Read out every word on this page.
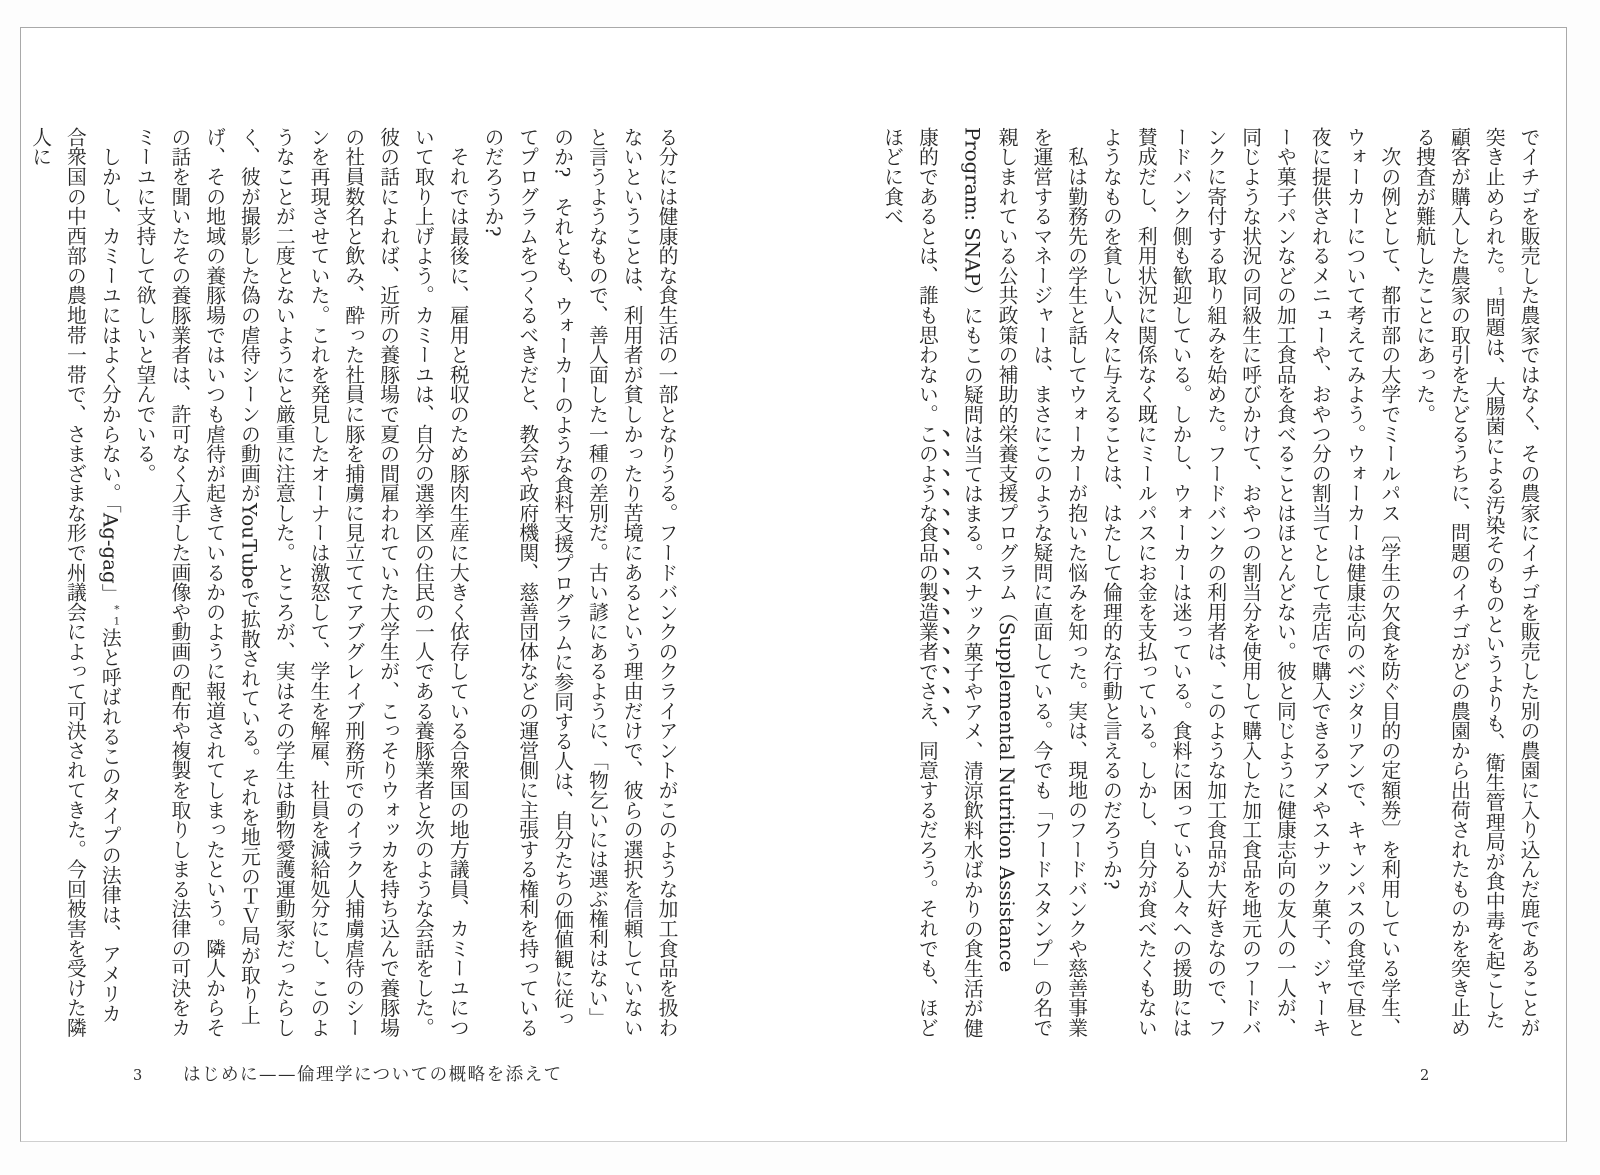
でイチゴを販売した農家ではなく、その農家にイチゴを販売した別の農園に入り込んだ鹿であることが突き止められた。$^1$問題は、大腸菌による汚染そのものというよりも、衛生管理局が食中毒を起こした顧客が購入した農家の取引をたどるうちに、問題のイチゴがどの農園から出荷されたものかを突き止める捜査が難航したことにあった。

　次の例として、都市部の大学でミールパス〔学生の欠食を防ぐ目的の定額券〕を利用している学生、ウォーカーについて考えてみよう。ウォーカーは健康志向のベジタリアンで、キャンパスの食堂で昼と夜に提供されるメニューや、おやつ分の割当てとして売店で購入できるアメやスナック菓子、ジャーキーや菓子パンなどの加工食品を食べることはほとんどない。彼と同じように健康志向の友人の一人が、同じような状況の同級生に呼びかけて、おやつの割当分を使用して購入した加工食品を地元のフードバンクに寄付する取り組みを始めた。フードバンクの利用者は、このような加工食品が大好きなので、フードバンク側も歓迎している。しかし、ウォーカーは迷っている。食料に困っている人々への援助には賛成だし、利用状況に関係なく既にミールパスにお金を支払っている。しかし、自分が食べたくもないようなものを貧しい人々に与えることは、はたして倫理的な行動と言えるのだろうか?

　私は勤務先の学生と話してウォーカーが抱いた悩みを知った。実は、現地のフードバンクや慈善事業を運営するマネージャーは、まさにこのような疑問に直面している。今でも「フードスタンプ」の名で親しまれている公共政策の補助的栄養支援プログラム（Supplemental Nutrition Assistance Program: SNAP）にもこの疑問は当てはまる。スナック菓子やアメ、清涼飲料水ばかりの食生活が健康的であるとは、誰も思わない。このような食品の製造業者でさえ、同意するだろう。それでも、ほどほどに食べ

る分には健康的な食生活の一部となりうる。フードバンクのクライアントがこのような加工食品を扱わないということは、利用者が貧しかったり苦境にあるという理由だけで、彼らの選択を信頼していないと言うようなもので、善人面した一種の差別だ。古い諺にあるように、「物乞いには選ぶ権利はない」のか?　それとも、ウォーカーのような食料支援プログラムに参同する人は、自分たちの価値観に従ってプログラムをつくるべきだと、教会や政府機関、慈善団体などの運営側に主張する権利を持っているのだろうか?

　それでは最後に、雇用と税収のため豚肉生産に大きく依存している合衆国の地方議員、カミーユについて取り上げよう。カミーユは、自分の選挙区の住民の一人である養豚業者と次のような会話をした。彼の話によれば、近所の養豚場で夏の間雇われていた大学生が、こっそりウォッカを持ち込んで養豚場の社員数名と飲み、酔った社員に豚を捕虜に見立ててアブグレイブ刑務所でのイラク人捕虜虐待のシーンを再現させていた。これを発見したオーナーは激怒して、学生を解雇、社員を減給処分にし、このようなことが二度とないようにと厳重に注意した。ところが、実はその学生は動物愛護運動家だったらしく、彼が撮影した偽の虐待シーンの動画がYouTubeで拡散されている。それを地元のＴＶ局が取り上げ、その地域の養豚場ではいつも虐待が起きているかのように報道されてしまったという。隣人からその話を聞いたその養豚業者は、許可なく入手した画像や動画の配布や複製を取りしまる法律の可決をカミーユに支持して欲しいと望んでいる。

　しかし、カミーユにはよく分からない。「Ag-gag」$^{*1}$法と呼ばれるこのタイプの法律は、アメリカ合衆国の中西部の農地帯一帯で、さまざまな形で州議会によって可決されてきた。今回被害を受けた隣人に

3 はじめに——倫理学についての概略を添えて	2
